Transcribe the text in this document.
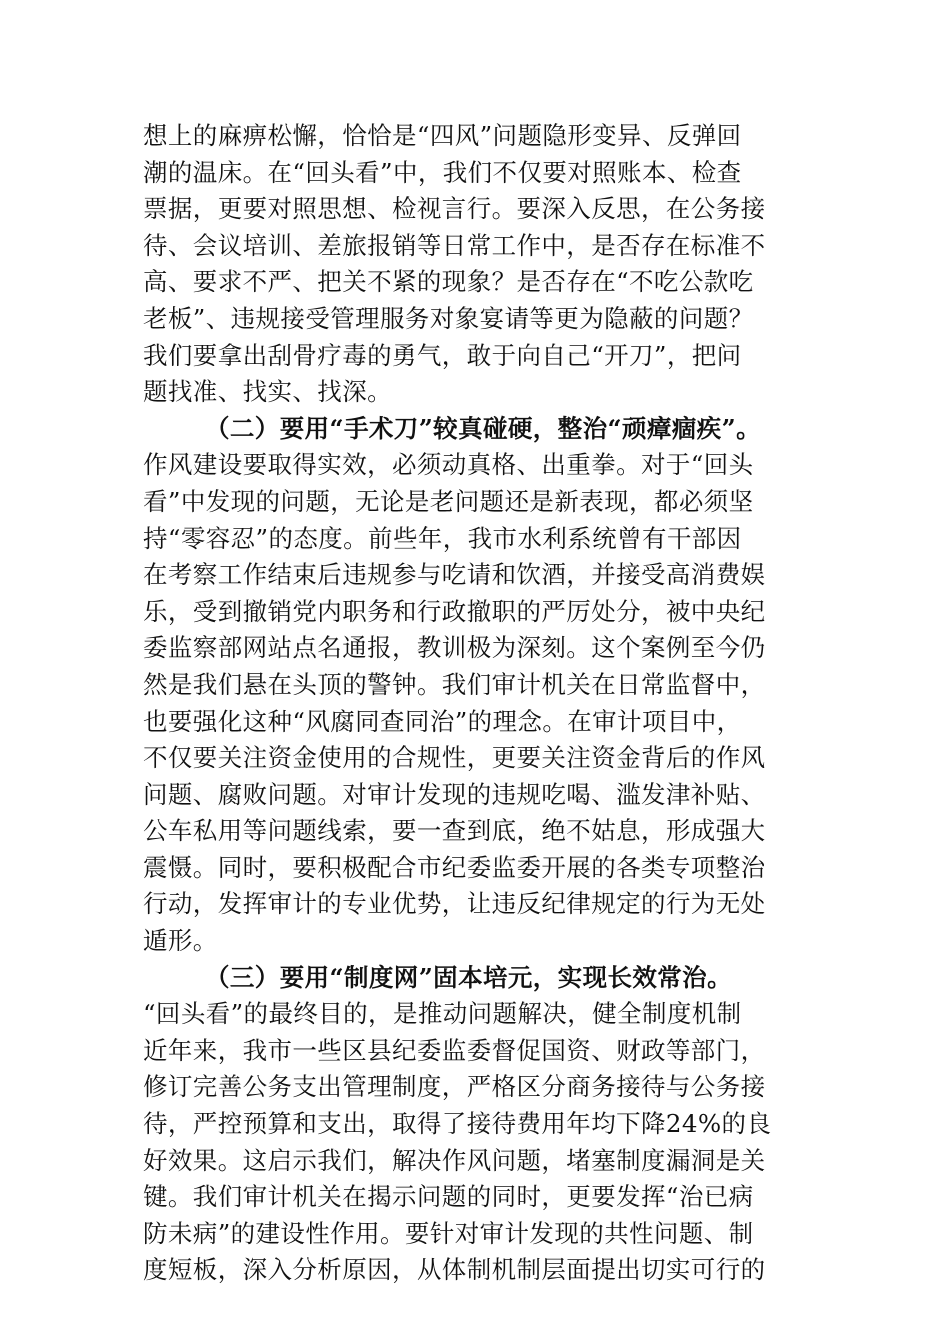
想上的麻痹松懈，恰恰是“四风”问题隐形变异、反弹回
潮的温床。在“回头看”中，我们不仅要对照账本、检查
票据，更要对照思想、检视言行。要深入反思，在公务接
待、会议培训、差旅报销等日常工作中，是否存在标准不
高、要求不严、把关不紧的现象？是否存在“不吃公款吃
老板”、违规接受管理服务对象宴请等更为隐蔽的问题？
我们要拿出刮骨疗毒的勇气，敢于向自己“开刀”，把问
题找准、找实、找深。
（二）要用“手术刀”较真碰硬，整治“顽瘴痼疾”。
作风建设要取得实效，必须动真格、出重拳。对于“回头
看”中发现的问题，无论是老问题还是新表现，都必须坚
持“零容忍”的态度。前些年，我市水利系统曾有干部因
在考察工作结束后违规参与吃请和饮酒，并接受高消费娱
乐，受到撤销党内职务和行政撤职的严厉处分，被中央纪
委监察部网站点名通报，教训极为深刻。这个案例至今仍
然是我们悬在头顶的警钟。我们审计机关在日常监督中，
也要强化这种“风腐同查同治”的理念。在审计项目中，
不仅要关注资金使用的合规性，更要关注资金背后的作风
问题、腐败问题。对审计发现的违规吃喝、滥发津补贴、
公车私用等问题线索，要一查到底，绝不姑息，形成强大
震慑。同时，要积极配合市纪委监委开展的各类专项整治
行动，发挥审计的专业优势，让违反纪律规定的行为无处
遁形。
（三）要用“制度网”固本培元，实现长效常治。
“回头看”的最终目的，是推动问题解决，健全制度机制
近年来，我市一些区县纪委监委督促国资、财政等部门，
修订完善公务支出管理制度，严格区分商务接待与公务接
待，严控预算和支出，取得了接待费用年均下降24%的良
好效果。这启示我们，解决作风问题，堵塞制度漏洞是关
键。我们审计机关在揭示问题的同时，更要发挥“治已病
防未病”的建设性作用。要针对审计发现的共性问题、制
度短板，深入分析原因，从体制机制层面提出切实可行的
